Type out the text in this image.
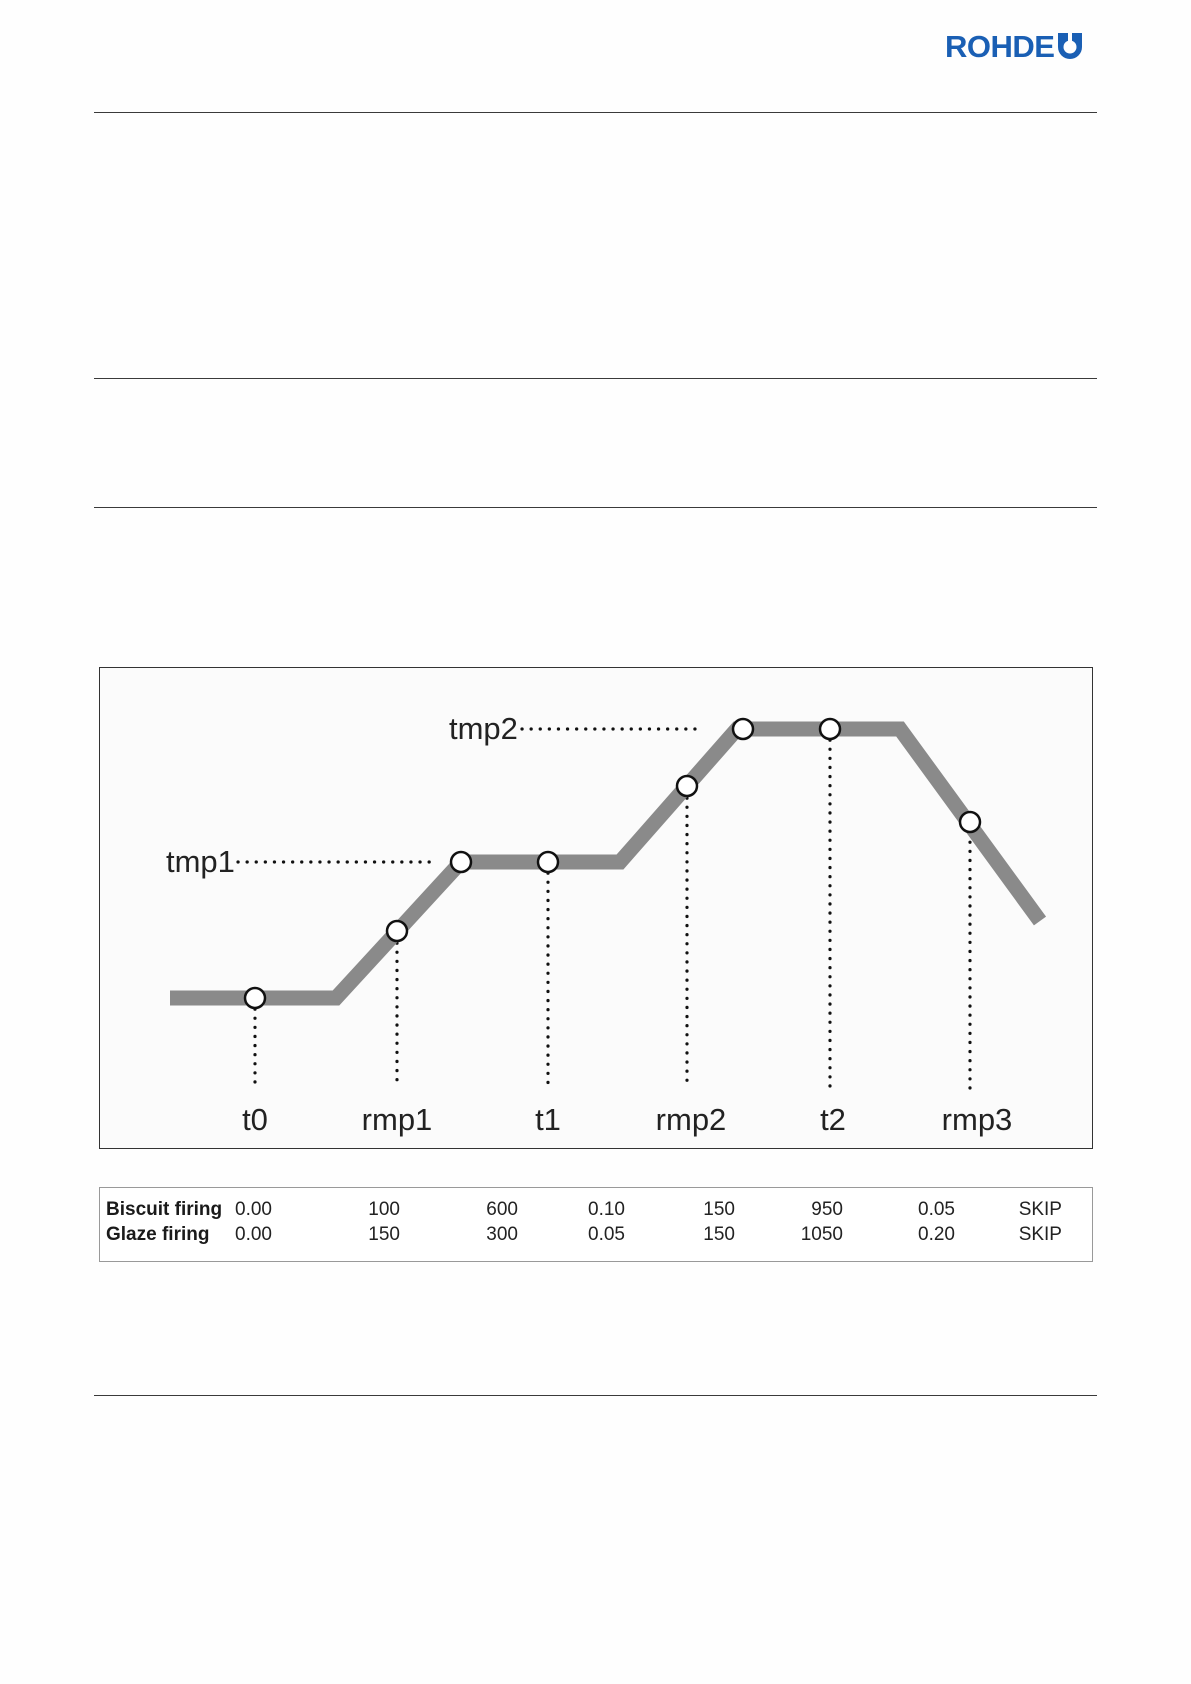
ROHDE
tmp1
tmp2
t0	rmp1	t1	rmp2	t2	rmp3
Biscuit firing 0.00	100	600	0.10	150	950	0.05	SKIP
Glaze firing 0.00	150	300	0.05	150	1050	0.20	SKIP
